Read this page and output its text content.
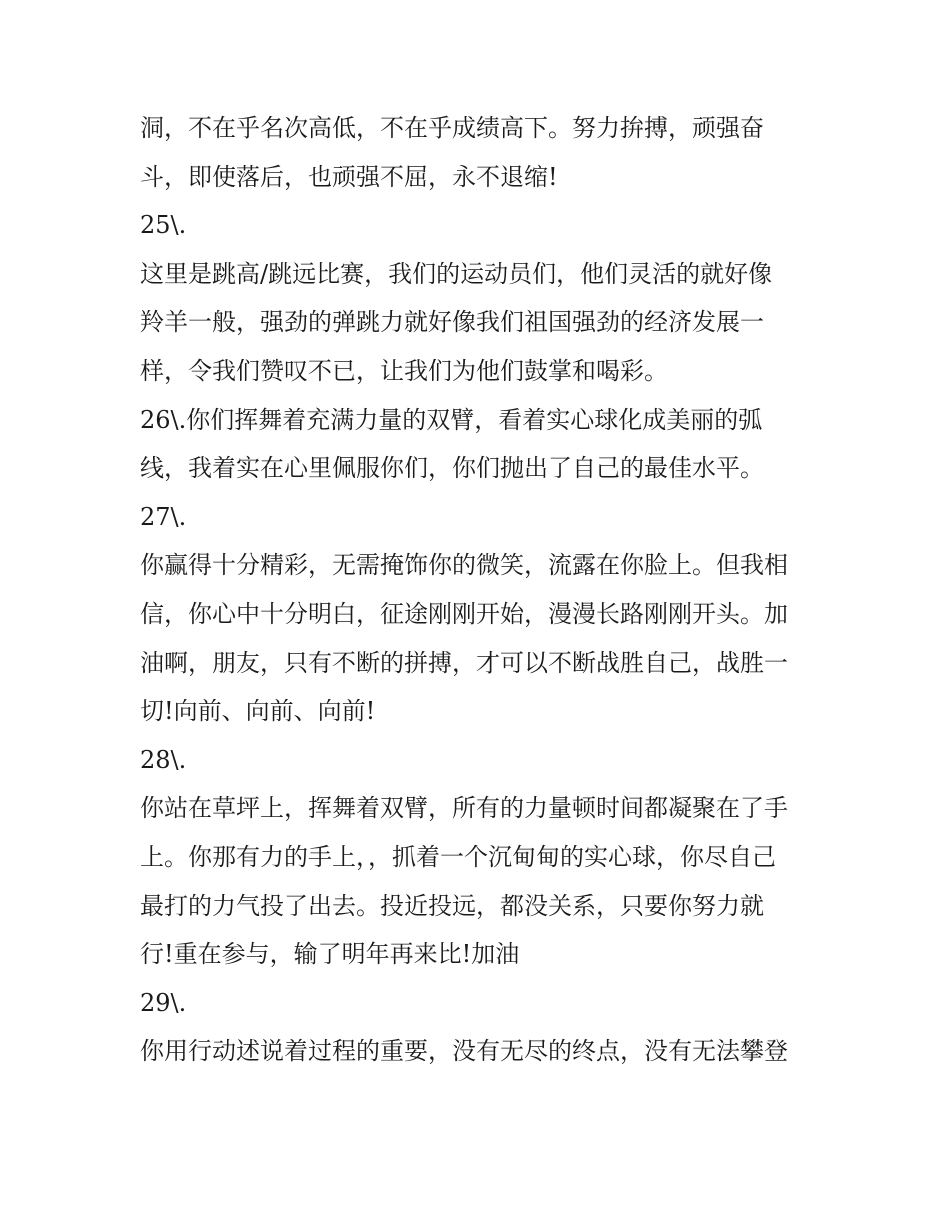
洞，不在乎名次高低，不在乎成绩高下。努力拚搏，顽强奋
斗，即使落后，也顽强不屈，永不退缩!
25\.
这里是跳高/跳远比赛，我们的运动员们，他们灵活的就好像
羚羊一般，强劲的弹跳力就好像我们祖国强劲的经济发展一
样，令我们赞叹不已，让我们为他们鼓掌和喝彩。
26\.你们挥舞着充满力量的双臂，看着实心球化成美丽的弧
线，我着实在心里佩服你们，你们抛出了自己的最佳水平。
27\.
你赢得十分精彩，无需掩饰你的微笑，流露在你脸上。但我相
信，你心中十分明白，征途刚刚开始，漫漫长路刚刚开头。加
油啊，朋友，只有不断的拼搏，才可以不断战胜自己，战胜一
切!向前、向前、向前!
28\.
你站在草坪上，挥舞着双臂，所有的力量顿时间都凝聚在了手
上。你那有力的手上，，抓着一个沉甸甸的实心球，你尽自己
最打的力气投了出去。投近投远，都没关系，只要你努力就
行!重在参与，输了明年再来比!加油
29\.
你用行动述说着过程的重要，没有无尽的终点，没有无法攀登
